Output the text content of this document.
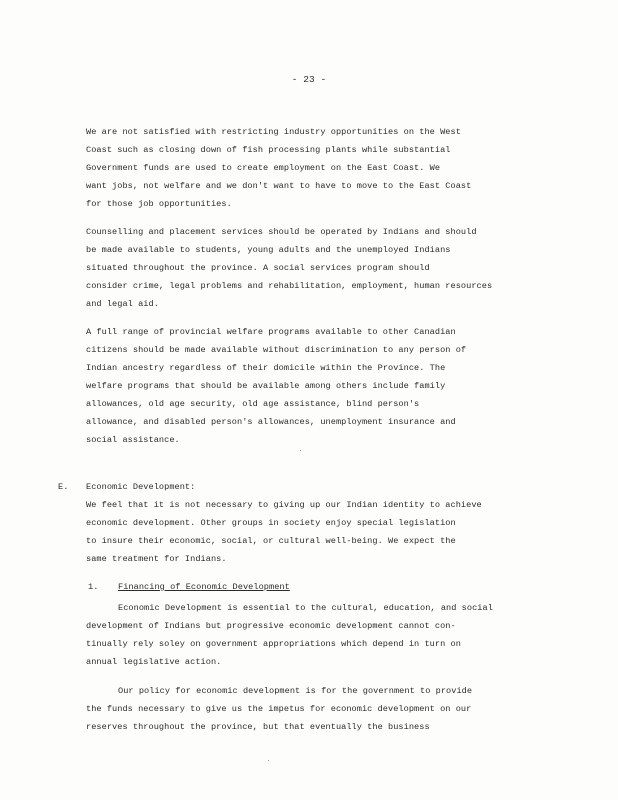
- 23 -
We are not satisfied with restricting industry opportunities on the West
Coast such as closing down of fish processing plants while substantial
Government funds are used to create employment on the East Coast. We
want jobs, not welfare and we don't want to have to move to the East Coast
for those job opportunities.
Counselling and placement services should be operated by Indians and should
be made available to students, young adults and the unemployed Indians
situated throughout the province. A social services program should
consider crime, legal problems and rehabilitation, employment, human resources
and legal aid.
A full range of provincial welfare programs available to other Canadian
citizens should be made available without discrimination to any person of
Indian ancestry regardless of their domicile within the Province. The
welfare programs that should be available among others include family
allowances, old age security, old age assistance, blind person's
allowance, and disabled person's allowances, unemployment insurance and
social assistance.
E. Economic Development:
We feel that it is not necessary to giving up our Indian identity to achieve
economic development. Other groups in society enjoy special legislation
to insure their economic, social, or cultural well-being. We expect the
same treatment for Indians.
1. Financing of Economic Development
Economic Development is essential to the cultural, education, and social
development of Indians but progressive economic development cannot con-
tinually rely soley on government appropriations which depend in turn on
annual legislative action.
Our policy for economic development is for the government to provide
the funds necessary to give us the impetus for economic development on our
reserves throughout the province, but that eventually the business
